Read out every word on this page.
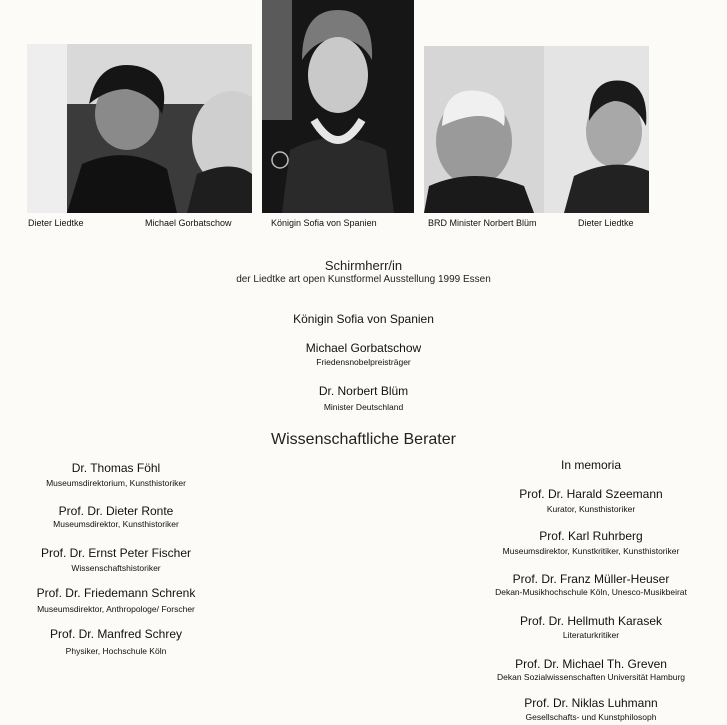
Dieter Liedtke	Michael Gorbatschow	Königin Sofia von Spanien	BRD Minister Norbert Blüm	Dieter Liedtke
Schirmherr/in
der Liedtke art open Kunstformel Ausstellung 1999 Essen
Königin Sofia von Spanien
Michael Gorbatschow
Friedensnobelpreisträger
Dr. Norbert Blüm
Minister Deutschland
Wissenschaftliche Berater
Dr. Thomas Föhl
Museumsdirektorium, Kunsthistoriker
Prof. Dr. Dieter Ronte
Museumsdirektor, Kunsthistoriker
Prof. Dr. Ernst Peter Fischer
Wissenschaftshistoriker
Prof. Dr. Friedemann Schrenk
Museumsdirektor, Anthropologe/ Forscher
Prof. Dr. Manfred Schrey
Physiker, Hochschule Köln
In memoria
Prof. Dr. Harald Szeemann
Kurator, Kunsthistoriker
Prof. Karl Ruhrberg
Museumsdirektor, Kunstkritiker, Kunsthistoriker
Prof. Dr. Franz Müller-Heuser
Dekan-Musikhochschule Köln, Unesco-Musikbeirat
Prof. Dr. Hellmuth Karasek
Literaturkritiker
Prof. Dr. Michael Th. Greven
Dekan Sozialwissenschaften Universität Hamburg
Prof. Dr. Niklas Luhmann
Gesellschafts- und Kunstphilosoph
